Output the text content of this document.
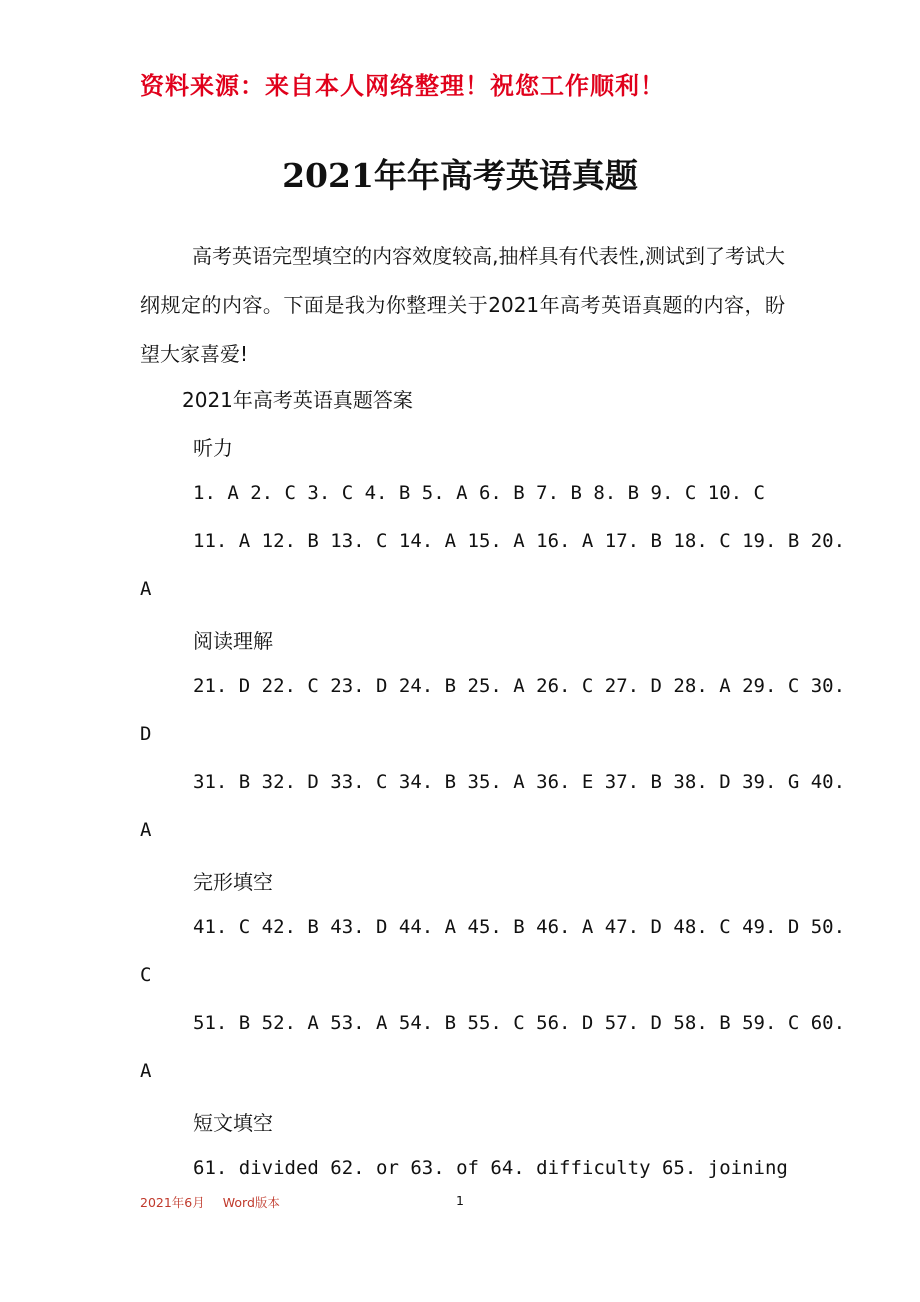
资料来源：来自本人网络整理！祝您工作顺利！
2021年年高考英语真题
高考英语完型填空的内容效度较高,抽样具有代表性,测试到了考试大纲规定的内容。下面是我为你整理关于2021年高考英语真题的内容，盼望大家喜爱!
2021年高考英语真题答案
听力
1. A 2. C 3. C 4. B 5. A 6. B 7. B 8. B 9. C 10. C
11. A 12. B 13. C 14. A 15. A 16. A 17. B 18. C 19. B 20.
A
阅读理解
21. D 22. C 23. D 24. B 25. A 26. C 27. D 28. A 29. C 30.
D
31. B 32. D 33. C 34. B 35. A 36. E 37. B 38. D 39. G 40.
A
完形填空
41. C 42. B 43. D 44. A 45. B 46. A 47. D 48. C 49. D 50.
C
51. B 52. A 53. A 54. B 55. C 56. D 57. D 58. B 59. C 60.
A
短文填空
61. divided 62. or 63. of 64. difficulty 65. joining
2021年6月 Word版本	1
